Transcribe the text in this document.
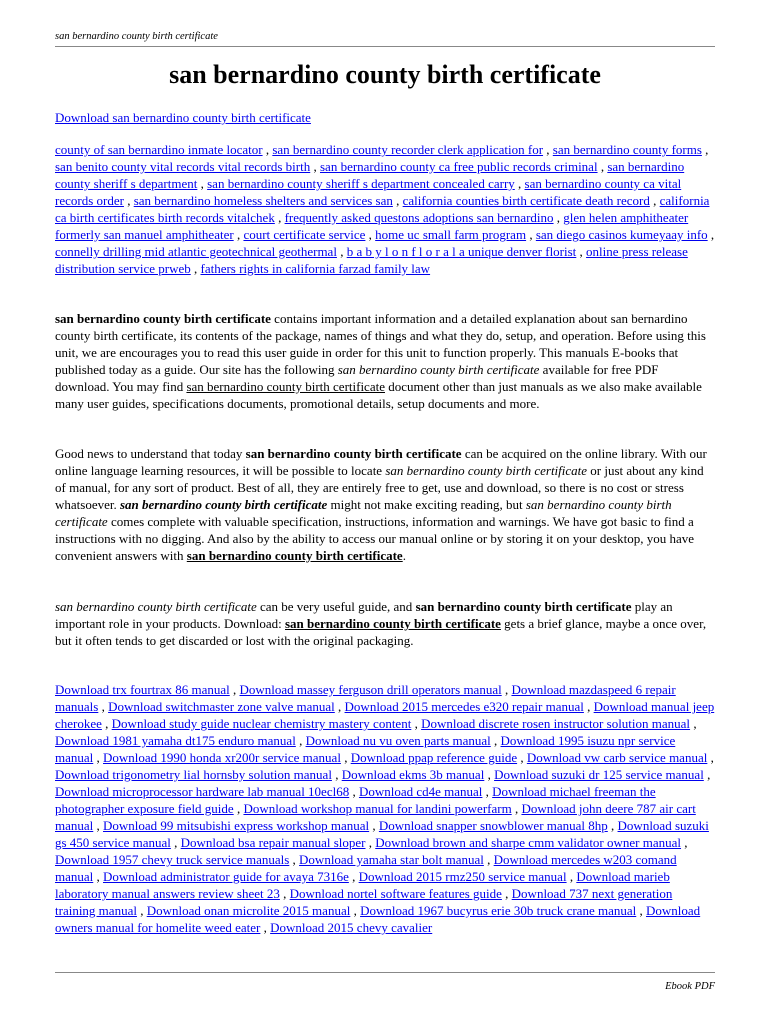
san bernardino county birth certificate
san bernardino county birth certificate

Download san bernardino county birth certificate

county of san bernardino inmate locator , san bernardino county recorder clerk application for , san bernardino county forms , san benito county vital records vital records birth , san bernardino county ca free public records criminal , san bernardino county sheriff s department , san bernardino county sheriff s department concealed carry , san bernardino county ca vital records order , san bernardino homeless shelters and services san , california counties birth certificate death record , california ca birth certificates birth records vitalchek , frequently asked questons adoptions san bernardino , glen helen amphitheater formerly san manuel amphitheater , court certificate service , home uc small farm program , san diego casinos kumeyaay info , connelly drilling mid atlantic geotechnical geothermal , b a b y l o n f l o r a l a unique denver florist , online press release distribution service prweb , fathers rights in california farzad family law

san bernardino county birth certificate contains important information and a detailed explanation about san bernardino county birth certificate, its contents of the package, names of things and what they do, setup, and operation. Before using this unit, we are encourages you to read this user guide in order for this unit to function properly. This manuals E-books that published today as a guide. Our site has the following san bernardino county birth certificate available for free PDF download. You may find san bernardino county birth certificate document other than just manuals as we also make available many user guides, specifications documents, promotional details, setup documents and more.

Good news to understand that today san bernardino county birth certificate can be acquired on the online library. With our online language learning resources, it will be possible to locate san bernardino county birth certificate or just about any kind of manual, for any sort of product. Best of all, they are entirely free to get, use and download, so there is no cost or stress whatsoever. san bernardino county birth certificate might not make exciting reading, but san bernardino county birth certificate comes complete with valuable specification, instructions, information and warnings. We have got basic to find a instructions with no digging. And also by the ability to access our manual online or by storing it on your desktop, you have convenient answers with san bernardino county birth certificate.

san bernardino county birth certificate can be very useful guide, and san bernardino county birth certificate play an important role in your products. Download: san bernardino county birth certificate gets a brief glance, maybe a once over, but it often tends to get discarded or lost with the original packaging.

Download trx fourtrax 86 manual , Download massey ferguson drill operators manual , Download mazdaspeed 6 repair manuals , Download switchmaster zone valve manual , Download 2015 mercedes e320 repair manual , Download manual jeep cherokee , Download study guide nuclear chemistry mastery content , Download discrete rosen instructor solution manual , Download 1981 yamaha dt175 enduro manual , Download nu vu oven parts manual , Download 1995 isuzu npr service manual , Download 1990 honda xr200r service manual , Download ppap reference guide , Download vw carb service manual , Download trigonometry lial hornsby solution manual , Download ekms 3b manual , Download suzuki dr 125 service manual , Download microprocessor hardware lab manual 10ecl68 , Download cd4e manual , Download michael freeman the photographer exposure field guide , Download workshop manual for landini powerfarm , Download john deere 787 air cart manual , Download 99 mitsubishi express workshop manual , Download snapper snowblower manual 8hp , Download suzuki gs 450 service manual , Download bsa repair manual sloper , Download brown and sharpe cmm validator owner manual , Download 1957 chevy truck service manuals , Download yamaha star bolt manual , Download mercedes w203 comand manual , Download administrator guide for avaya 7316e , Download 2015 rmz250 service manual , Download marieb laboratory manual answers review sheet 23 , Download nortel software features guide , Download 737 next generation training manual , Download onan microlite 2015 manual , Download 1967 bucyrus erie 30b truck crane manual , Download owners manual for homelite weed eater , Download 2015 chevy cavalier

Ebook PDF
